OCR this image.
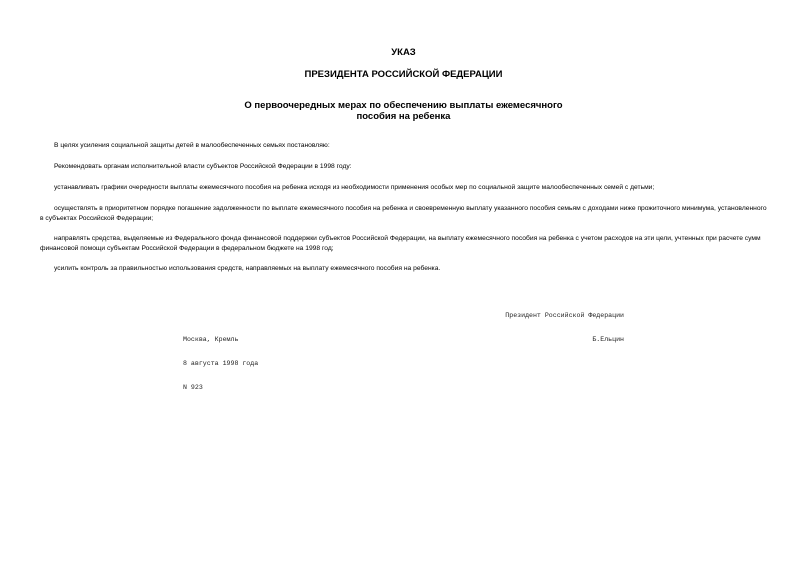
УКАЗ
ПРЕЗИДЕНТА РОССИЙСКОЙ ФЕДЕРАЦИИ
О первоочередных мерах по обеспечению выплаты ежемесячного
пособия на ребенка
В целях усиления социальной защиты детей в малообеспеченных семьях постановляю:
Рекомендовать органам исполнительной власти субъектов Российской Федерации в 1998 году:
устанавливать графики очередности выплаты ежемесячного пособия на ребенка исходя из необходимости применения особых мер по социальной защите малообеспеченных семей с детьми;
осуществлять в приоритетном порядке погашение задолженности по выплате ежемесячного пособия на ребенка и своевременную выплату указанного пособия семьям с доходами ниже прожиточного минимума, установленного в субъектах Российской Федерации;
направлять средства, выделяемые из Федерального фонда финансовой поддержки субъектов Российской Федерации, на выплату ежемесячного пособия на ребенка с учетом расходов на эти цели, учтенных при расчете сумм финансовой помощи субъектам Российской Федерации в федеральном бюджете на 1998 год;
усилить контроль за правильностью использования средств, направляемых на выплату ежемесячного пособия на ребенка.

Президент Российской Федерации

Б.Ельцин

Москва, Кремль

8 августа 1998 года

N 923
